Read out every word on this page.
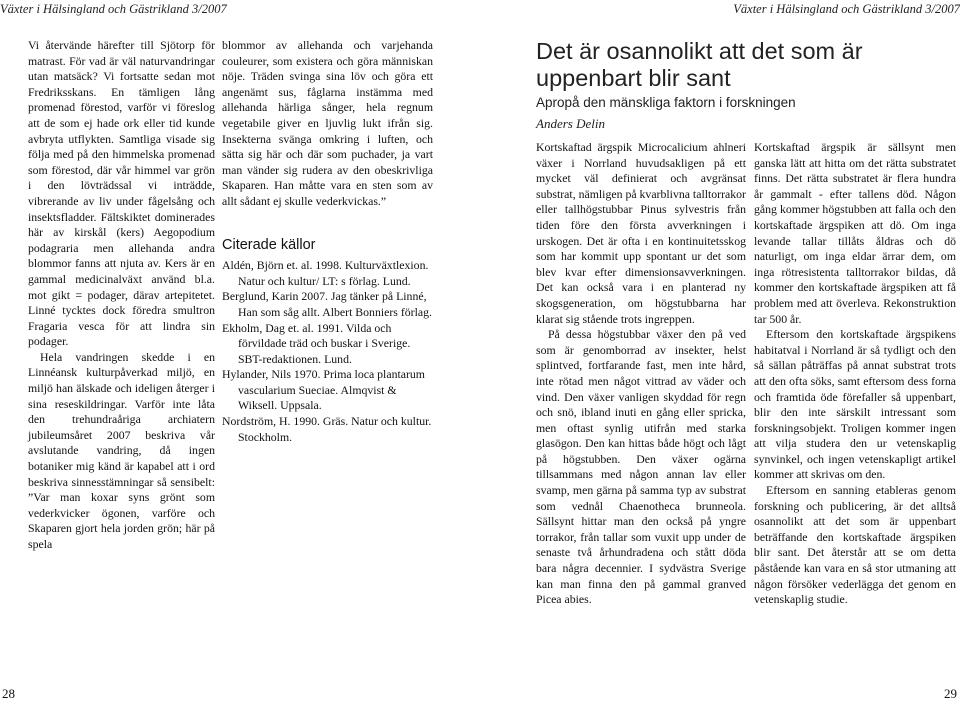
Växter i Hälsingland och Gästrikland 3/2007	Växter i Hälsingland och Gästrikland 3/2007

Vi återvände härefter till Sjötorp för matrast. För vad är väl naturvandringar utan matsäck? Vi fortsatte sedan mot Fredriksskans. En tämligen lång promenad förestod, varför vi föreslog att de som ej hade ork eller tid kunde avbryta utflykten. Samtliga visade sig följa med på den himmelska promenad som förestod, där vår himmel var grön i den lövträdssal vi inträdde, vibrerande av liv under fågelsång och insektsfladder. Fältskiktet dominerades här av kirskål (kers) Aegopodium podagraria men allehanda andra blommor fanns att njuta av. Kers är en gammal medicinalväxt använd bl.a. mot gikt = podager, därav artepitetet. Linné tycktes dock föredra smultron Fragaria vesca för att lindra sin podager.

Hela vandringen skedde i en Linnéansk kulturpåverkad miljö, en miljö han älskade och ideligen återger i sina reseskildringar. Varför inte låta den trehundraåriga archiatern jubileumsåret 2007 beskriva vår avslutande vandring, då ingen botaniker mig känd är kapabel att i ord beskriva sinnesstämningar så sensibelt: ”Var man koxar syns grönt som vederkvicker ögonen, varföre och Skaparen gjort hela jorden grön; här på spela

blommor av allehanda och varjehanda couleurer, som existera och göra människan nöje. Träden svinga sina löv och göra ett angenämt sus, fåglarna instämma med allehanda härliga sånger, hela regnum vegetabile giver en ljuvlig lukt ifrån sig. Insekterna svänga omkring i luften, och sätta sig här och där som puchader, ja vart man vänder sig rudera av den obeskrivliga Skaparen. Han måtte vara en sten som av allt sådant ej skulle vederkvickas.”

Citerade källor

Aldén, Björn et. al. 1998. Kulturväxtlexion. Natur och kultur/ LT: s förlag. Lund.

Berglund, Karin 2007. Jag tänker på Linné, Han som såg allt. Albert Bonniers förlag.

Ekholm, Dag et. al. 1991. Vilda och förvildade träd och buskar i Sverige. SBT-redaktionen. Lund.

Hylander, Nils 1970. Prima loca plantarum vascularium Sueciae. Almqvist & Wiksell. Uppsala.

Nordström, H. 1990. Gräs. Natur och kultur. Stockholm.

Det är osannolikt att det som är uppenbart blir sant
Apropå den mänskliga faktorn i forskningen
Anders Delin

Kortskaftad ärgspik Microcalicium ahlneri växer i Norrland huvudsakligen på ett mycket väl definierat och avgränsat substrat, nämligen på kvarblivna talltorrakor eller tallhögstubbar Pinus sylvestris från tiden före den första avverkningen i urskogen. Det är ofta i en kontinuitetsskog som har kommit upp spontant ur det som blev kvar efter dimensionsavverkningen. Det kan också vara i en planterad ny skogsgeneration, om högstubbarna har klarat sig stående trots ingreppen.

På dessa högstubbar växer den på ved som är genomborrad av insekter, helst splintved, fortfarande fast, men inte hård, inte rötad men något vittrad av väder och vind. Den växer vanligen skyddad för regn och snö, ibland inuti en gång eller spricka, men oftast synlig utifrån med starka glasögon. Den kan hittas både högt och lågt på högstubben. Den växer ogärna tillsammans med någon annan lav eller svamp, men gärna på samma typ av substrat som vednål Chaenotheca brunneola. Sällsynt hittar man den också på yngre torrakor, från tallar som vuxit upp under de senaste två århundradena och stått döda bara några decennier. I sydvästra Sverige kan man finna den på gammal granved Picea abies.

Kortskaftad ärgspik är sällsynt men ganska lätt att hitta om det rätta substratet finns. Det rätta substratet är flera hundra år gammalt - efter tallens död. Någon gång kommer högstubben att falla och den kortskaftade ärgspiken att dö. Om inga levande tallar tillåts åldras och dö naturligt, om inga eldar ärrar dem, om inga rötresistenta talltorrakor bildas, då kommer den kortskaftade ärgspiken att få problem med att överleva. Rekonstruktion tar 500 år.

Eftersom den kortskaftade ärgspikens habitatval i Norrland är så tydligt och den så sällan påträffas på annat substrat trots att den ofta söks, samt eftersom dess forna och framtida öde förefaller så uppenbart, blir den inte särskilt intressant som forskningsobjekt. Troligen kommer ingen att vilja studera den ur vetenskaplig synvinkel, och ingen vetenskapligt artikel kommer att skrivas om den.

Eftersom en sanning etableras genom forskning och publicering, är det alltså osannolikt att det som är uppenbart beträffande den kortskaftade ärgspiken blir sant. Det återstår att se om detta påstående kan vara en så stor utmaning att någon försöker vederlägga det genom en vetenskaplig studie.

28	29
